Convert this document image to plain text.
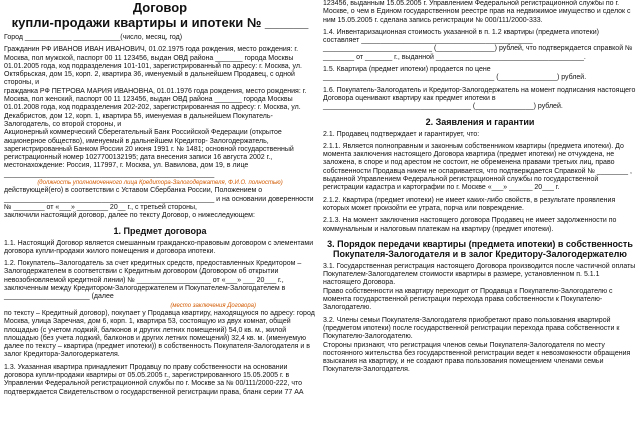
Договор

купли-продажи квартиры и ипотеки № ______

Город ____________ ____________(число, месяц, год)

Гражданин РФ ИВАНОВ ИВАН ИВАНОВИЧ, 01.02.1975 года рождения, место рождения: г. Москва, пол мужской, паспорт 00 11 123456, выдан ОВД района _______ города Москвы 01.01.2005 года, код подразделения 101-101, зарегистрированный по адресу: г. Москва, ул. Октябрьская, дом 15, корп. 2, квартира 36, именуемый в дальнейшем Продавец, с одной стороны, и

гражданка РФ ПЕТРОВА МАРИЯ ИВАНОВНА, 01.01.1976 года рождения, место рождения: г. Москва, пол женский, паспорт 00 11 123456, выдан ОВД района _______ города Москвы 01.01.2008 года, код подразделения 202-202, зарегистрированная по адресу: г. Москва, ул. Декабристов, дом 12, корп. 1, квартира 55, именуемая в дальнейшем Покупатель-Залогодатель, со второй стороны, и

Акционерный коммерческий Сберегательный Банк Российской Федерации (открытое акционерное общество), именуемый в дальнейшем Кредитор- Залогодержатель, зарегистрированный Банком России 20 июня 1991 г. № 1481; основной государственный регистрационный номер 1027700132195; дата внесения записи 16 августа 2002 г., местонахождение: Россия, 117997, г. Москва, ул. Вавилова, дом 19, в лице ______________________________________________________

(должность уполномоченного лица Кредитора-Залогодержателя, Ф.И.О. полностью)

действующей(его) в соответствии с Уставом Сбербанка России, Положением о ______________________________________________________ и на основании доверенности № ________ от «___» ________ 20__ г., с третьей стороны,

заключили настоящий договор, далее по тексту Договор, о нижеследующем:

1. Предмет договора

1.1. Настоящий Договор является смешанным гражданско-правовым договором с элементами договора купли-продажи жилого помещения и договора ипотеки.

1.2. Покупатель–Залогодатель за счет кредитных средств, предоставленных Кредитором – Залогодержателем в соответствии с Кредитным договором (Договором об открытии невозобновляемой кредитной линии) № ___________________ от «___» ___ 20___ г., заключенным между Кредитором-Залогодержателем и Покупателем-Залогодателем в ______________________ (далее

(место заключения Договора)

по тексту – Кредитный договор), покупает у Продавца квартиру, находящуюся по адресу: город Москва, улица Заречная, дом 6, корп. 1, квартира 53, состоящую из двух комнат, общей площадью (с учетом лоджий, балконов и других летних помещений) 54,0 кв. м., жилой площадью (без учета лоджий, балконов и других летних помещений) 32,4 кв. м. (именуемую далее по тексту – квартира (предмет ипотеки)) в собственность Покупателя-Залогодателя и в залог Кредитора-Залогодержателя.

1.3. Указанная квартира принадлежит Продавцу по праву собственности на основании договора купли-продажи квартиры от 05.05.2005 г., зарегистрированного 15.05.2005 г. в Управлении Федеральной регистрационной службы по г. Москве за № 00/111/2000-222, что подтверждается Свидетельством о государственной регистрации права, бланк серии 77 АА

123456, выданным 15.05.2005 г. Управлением Федеральной регистрационной службы по г. Москве, о чем в Едином государственном реестре прав на недвижимое имущество и сделок с ним 15.05.2005 г. сделана запись регистрации № 000/111/2000-333.

1.4. Инвентаризационная стоимость указанной в п. 1.2 квартиры (предмета ипотеки) составляет ____________________________________________

____________________________ (_______________) рублей, что подтверждается справкой № ________ от _______ г., выданной ______________________________________.

1.5. Квартира (предмет ипотеки) продается по цене

____________________________________________ (_______________) рублей.

1.6. Покупатель-Залогодатель и Кредитор-Залогодержатель на момент подписания настоящего Договора оценивают квартиру как предмет ипотеки в ______________________________________ (_______________) рублей.

2. Заявления и гарантии

2.1. Продавец подтверждает и гарантирует, что:

2.1.1. Является полноправным и законным собственником квартиры (предмета ипотеки). До момента заключения настоящего Договора квартира (предмет ипотеки) не отчуждена, не заложена, в споре и под арестом не состоит, не обременена правами третьих лиц, право собственности Продавца никем не оспаривается, что подтверждается Справкой № ________ , выданной Управлением Федеральной регистрационной службы по государственной регистрации кадастра и картографии по г. Москве «___» ______ 20___ г.

2.1.2. Квартира (предмет ипотеки) не имеет каких-либо свойств, в результате проявления которых может произойти ее утрата, порча или повреждение.

2.1.3. На момент заключения настоящего договора Продавец не имеет задолженности по коммунальным и налоговым платежам на квартиру (предмет ипотеки).

3. Порядок передачи квартиры (предмета ипотеки) в собственность Покупателя-Залогодателя и в залог Кредитору-Залогодержателю

3.1. Государственная регистрация настоящего Договора производится после частичной оплаты Покупателем-Залогодателем стоимости квартиры в размере, установленном п. 5.1.1 настоящего Договора.

Право собственности на квартиру переходит от Продавца к Покупателю-Залогодателю с момента государственной регистрации перехода права собственности к Покупателю-Залогодателю.

3.2. Члены семьи Покупателя-Залогодателя приобретают право пользования квартирой (предметом ипотеки) после государственной регистрации перехода права собственности к Покупателю-Залогодателю.

Стороны признают, что регистрация членов семьи Покупателя-Залогодателя по месту постоянного жительства без государственной регистрации ведет к невозможности обращения взыскания на квартиру, и не создают права пользования помещением членами семьи Покупателя-Залогодателя.
